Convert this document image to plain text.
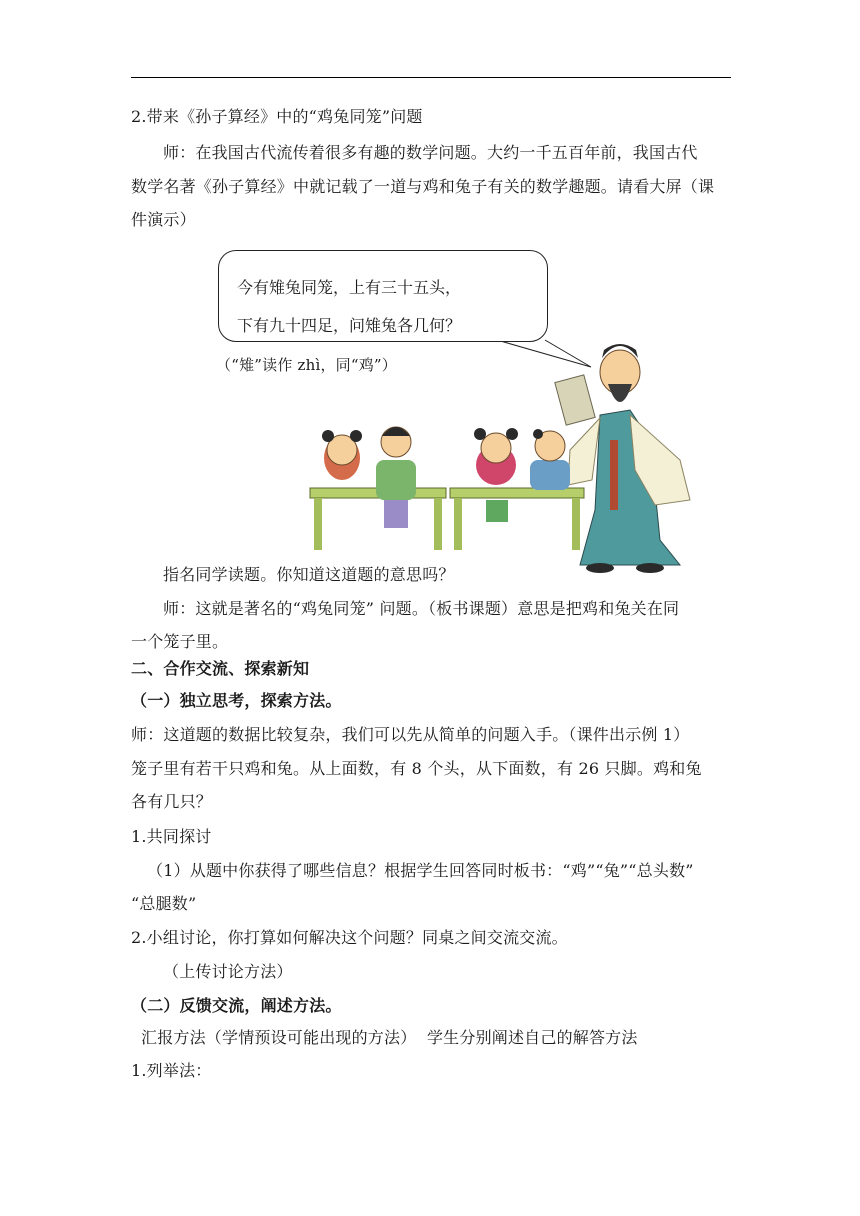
2.带来《孙子算经》中的“鸡兔同笼”问题
师：在我国古代流传着很多有趣的数学问题。大约一千五百年前，我国古代
数学名著《孙子算经》中就记载了一道与鸡和兔子有关的数学趣题。请看大屏（课
件演示）
今有雉兔同笼，上有三十五头，
下有九十四足，问雉兔各几何？
（“雉”读作 zhì，同“鸡”）
指名同学读题。你知道这道题的意思吗？
师：这就是著名的“鸡兔同笼” 问题。（板书课题）意思是把鸡和兔关在同
一个笼子里。
二、合作交流、探索新知
（一）独立思考，探索方法。
师：这道题的数据比较复杂，我们可以先从简单的问题入手。（课件出示例 1）
笼子里有若干只鸡和兔。从上面数，有 8 个头，从下面数，有 26 只脚。鸡和兔
各有几只？
1.共同探讨
（1）从题中你获得了哪些信息？根据学生回答同时板书：“鸡”“兔”“总头数”
“总腿数”
2.小组讨论，你打算如何解决这个问题？同桌之间交流交流。
（上传讨论方法）
（二）反馈交流，阐述方法。
汇报方法（学情预设可能出现的方法）  学生分别阐述自己的解答方法
1.列举法：
